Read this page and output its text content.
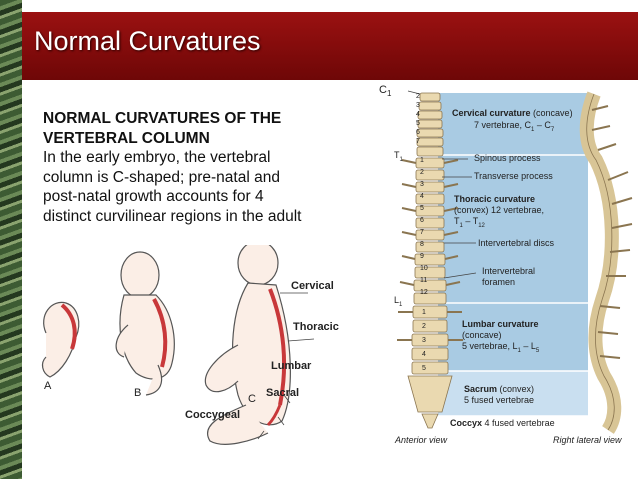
Normal Curvatures
NORMAL CURVATURES OF THE
VERTEBRAL COLUMN
In the early embryo, the vertebral
column is C-shaped; pre-natal and
post-natal growth accounts for 4
distinct curvilinear regions in the adult
A
B	C
Cervical
Thoracic
Lumbar
Sacral
Coccygeal
$C_1$	2
3
4
5
6
7
1
2
3
4
5
6
7
8
9
10
11
12
1
2
3
4
5
$T_1$
$L_1$
Cervical curvature (concave)
7 vertebrae, $C_1 - C_7$
Spinous process
Transverse process
Thoracic curvature
(convex) 12 vertebrae,
$T_1 - T_{12}$
Intervertebral discs
Intervertebral
foramen
Lumbar curvature
(concave)
5 vertebrae, $L_1 - L_5$
Sacrum (convex)
5 fused vertebrae
Coccyx 4 fused vertebrae
Anterior view	Right lateral view
